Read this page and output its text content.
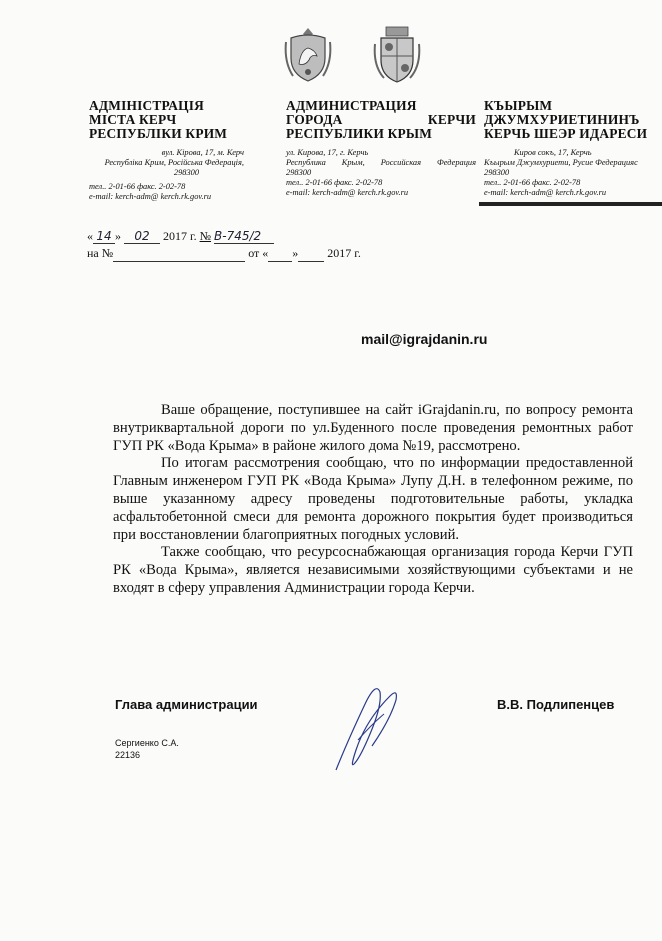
АДМІНІСТРАЦІЯ
МІСТА КЕРЧ
РЕСПУБЛІКИ КРИМ
вул. Кірова, 17, м. Керч
Республіка Крим, Російська Федерація,
298300
тел.. 2-01-66 факс. 2-02-78
e-mail: kerch-adm@ kerch.rk.gov.ru
АДМИНИСТРАЦИЯ
ГОРОДА	КЕРЧИ
РЕСПУБЛИКИ КРЫМ
ул. Кирова, 17, г. Керчь
Республика Крым, Российская Федерация
298300
тел.. 2-01-66 факс. 2-02-78
e-mail: kerch-adm@ kerch.rk.gov.ru
КЪЫРЫМ
ДЖУМХУРИЕТИНИНЪ
КЕРЧЬ ШЕЭР ИДАРЕСИ
Киров сокъ, 17, Керчь
Къырым Джумхуриети, Русие Федерацияс
298300
тел.. 2-01-66 факс. 2-02-78
e-mail: kerch-adm@ kerch.rk.gov.ru
« 14 » 02 2017 г. № В-745/2
на №	от « » 2017 г.
mail@igrajdanin.ru

Ваше обращение, поступившее на сайт iGrajdanin.ru, по вопросу ремонта внутриквартальной дороги по ул.Буденного после проведения ремонтных работ ГУП РК «Вода Крыма» в районе жилого дома №19, рассмотрено.

По итогам рассмотрения сообщаю, что по информации предоставленной Главным инженером ГУП РК «Вода Крыма» Лупу Д.Н. в телефонном режиме, по выше указанному адресу проведены подготовительные работы, укладка асфальтобетонной смеси для ремонта дорожного покрытия будет производиться при восстановлении благоприятных погодных условий.

Также сообщаю, что ресурсоснабжающая организация города Керчи ГУП РК «Вода Крыма», является независимыми хозяйствующими субъектами и не входят в сферу управления Администрации города Керчи.

Глава администрации	В.В. Подлипенцев
Сергиенко С.А.
22136
